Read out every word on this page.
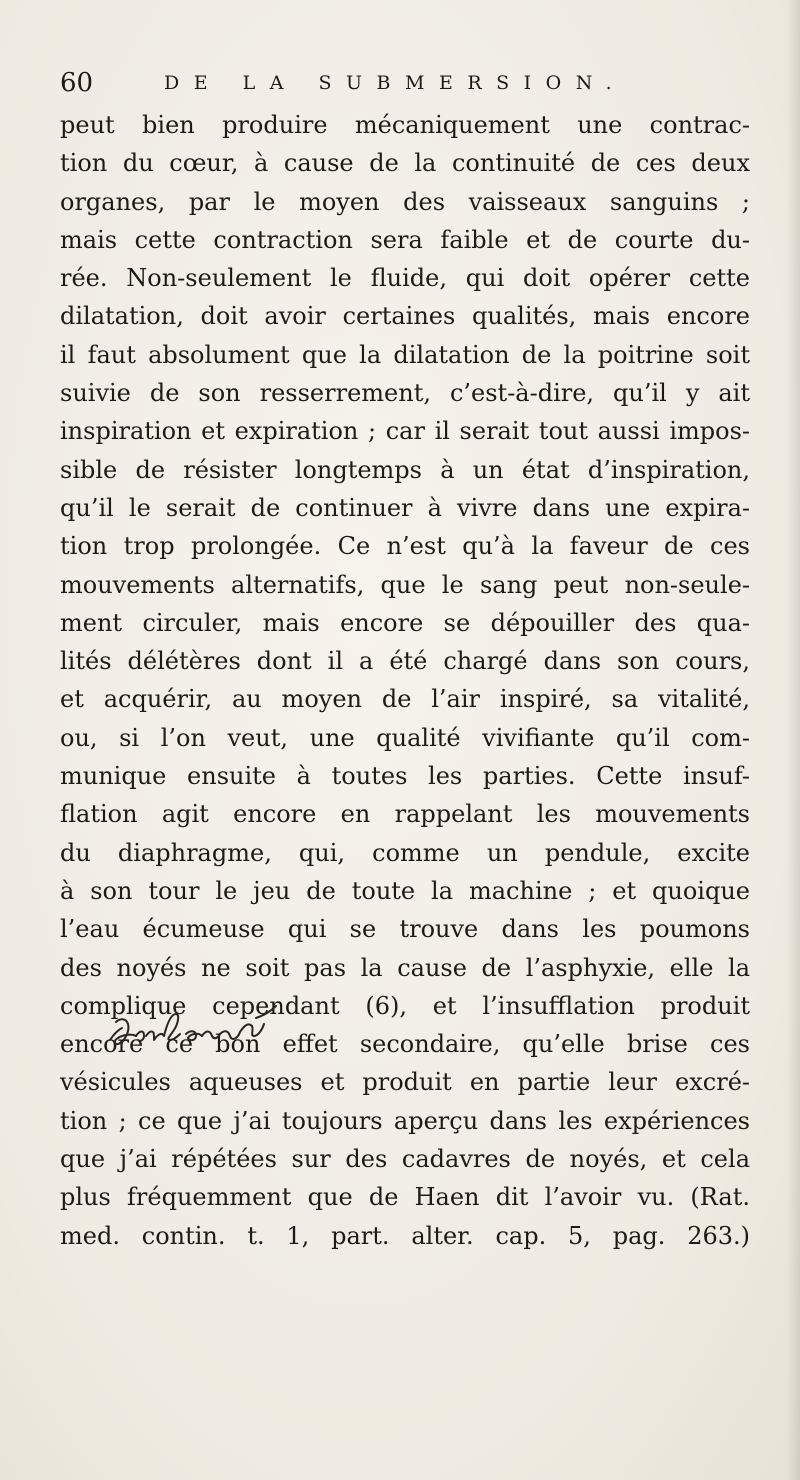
60	DE LA SUBMERSION.
peut bien produire mécaniquement une contrac-
tion du cœur, à cause de la continuité de ces deux
organes, par le moyen des vaisseaux sanguins ;
mais cette contraction sera faible et de courte du-
rée. Non-seulement le fluide, qui doit opérer cette
dilatation, doit avoir certaines qualités, mais encore
il faut absolument que la dilatation de la poitrine soit
suivie de son resserrement, c’est-à-dire, qu’il y ait
inspiration et expiration ; car il serait tout aussi impos-
sible de résister longtemps à un état d’inspiration,
qu’il le serait de continuer à vivre dans une expira-
tion trop prolongée. Ce n’est qu’à la faveur de ces
mouvements alternatifs, que le sang peut non-seule-
ment circuler, mais encore se dépouiller des qua-
lités délétères dont il a été chargé dans son cours,
et acquérir, au moyen de l’air inspiré, sa vitalité,
ou, si l’on veut, une qualité vivifiante qu’il com-
munique ensuite à toutes les parties. Cette insuf-
flation agit encore en rappelant les mouvements
du diaphragme, qui, comme un pendule, excite
à son tour le jeu de toute la machine ; et quoique
l’eau écumeuse qui se trouve dans les poumons
des noyés ne soit pas la cause de l’asphyxie, elle la
complique cependant (6), et l’insufflation produit
encore ce bon effet secondaire, qu’elle brise ces
vésicules aqueuses et produit en partie leur excré-
tion ; ce que j’ai toujours aperçu dans les expériences
que j’ai répétées sur des cadavres de noyés, et cela
plus fréquemment que de Haen dit l’avoir vu. (Rat.
med. contin. t. 1, part. alter. cap. 5, pag. 263.)
